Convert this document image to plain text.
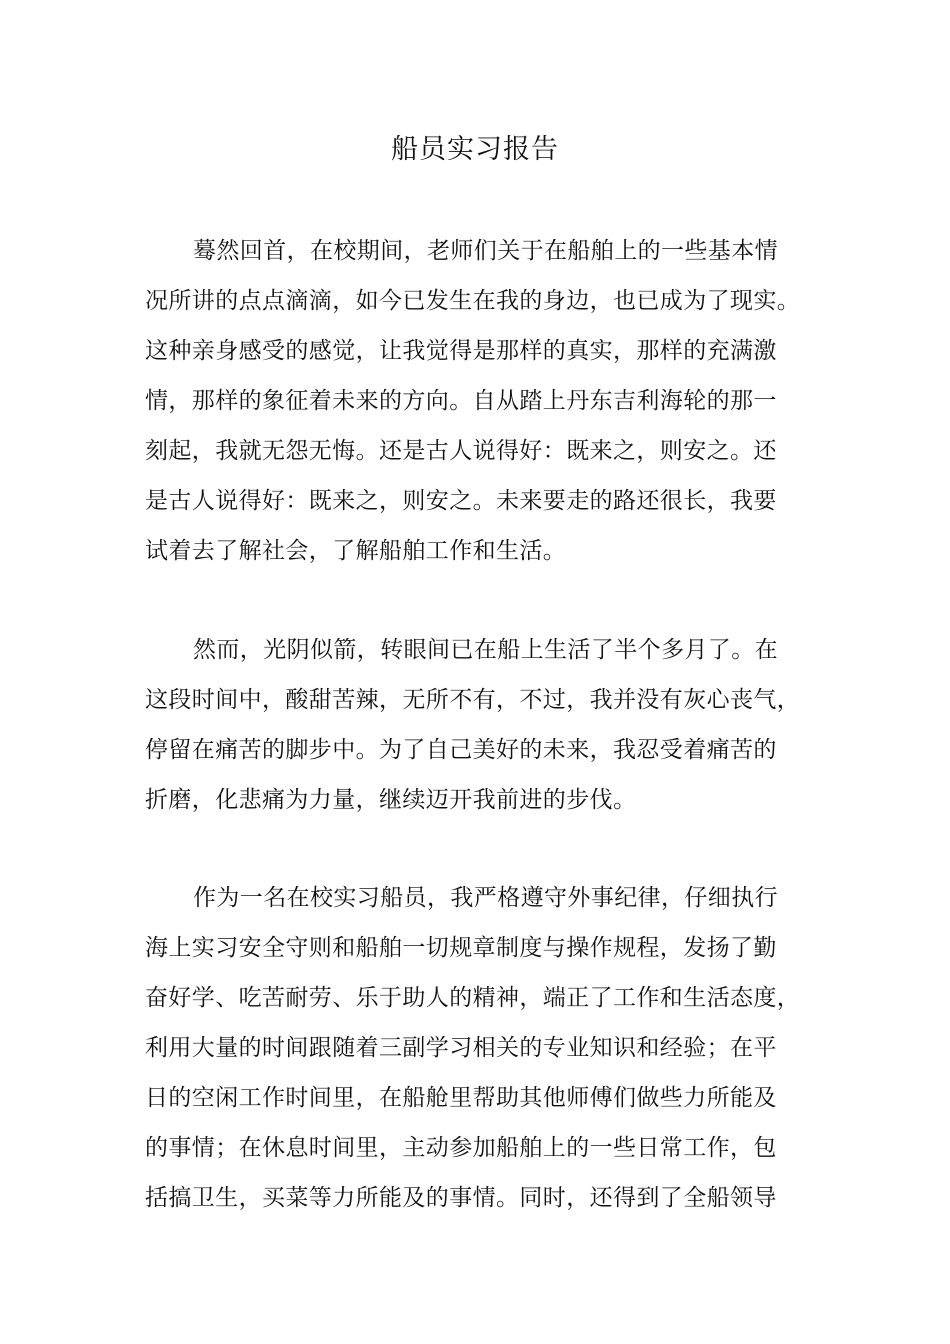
船员实习报告
蓦然回首，在校期间，老师们关于在船舶上的一些基本情
况所讲的点点滴滴，如今已发生在我的身边，也已成为了现实。
这种亲身感受的感觉，让我觉得是那样的真实，那样的充满激
情，那样的象征着未来的方向。自从踏上丹东吉利海轮的那一
刻起，我就无怨无悔。还是古人说得好：既来之，则安之。还
是古人说得好：既来之，则安之。未来要走的路还很长，我要
试着去了解社会，了解船舶工作和生活。
然而，光阴似箭，转眼间已在船上生活了半个多月了。在
这段时间中，酸甜苦辣，无所不有，不过，我并没有灰心丧气，
停留在痛苦的脚步中。为了自己美好的未来，我忍受着痛苦的
折磨，化悲痛为力量，继续迈开我前进的步伐。
作为一名在校实习船员，我严格遵守外事纪律，仔细执行
海上实习安全守则和船舶一切规章制度与操作规程，发扬了勤
奋好学、吃苦耐劳、乐于助人的精神，端正了工作和生活态度，
利用大量的时间跟随着三副学习相关的专业知识和经验；在平
日的空闲工作时间里，在船舱里帮助其他师傅们做些力所能及
的事情；在休息时间里，主动参加船舶上的一些日常工作，包
括搞卫生，买菜等力所能及的事情。同时，还得到了全船领导
